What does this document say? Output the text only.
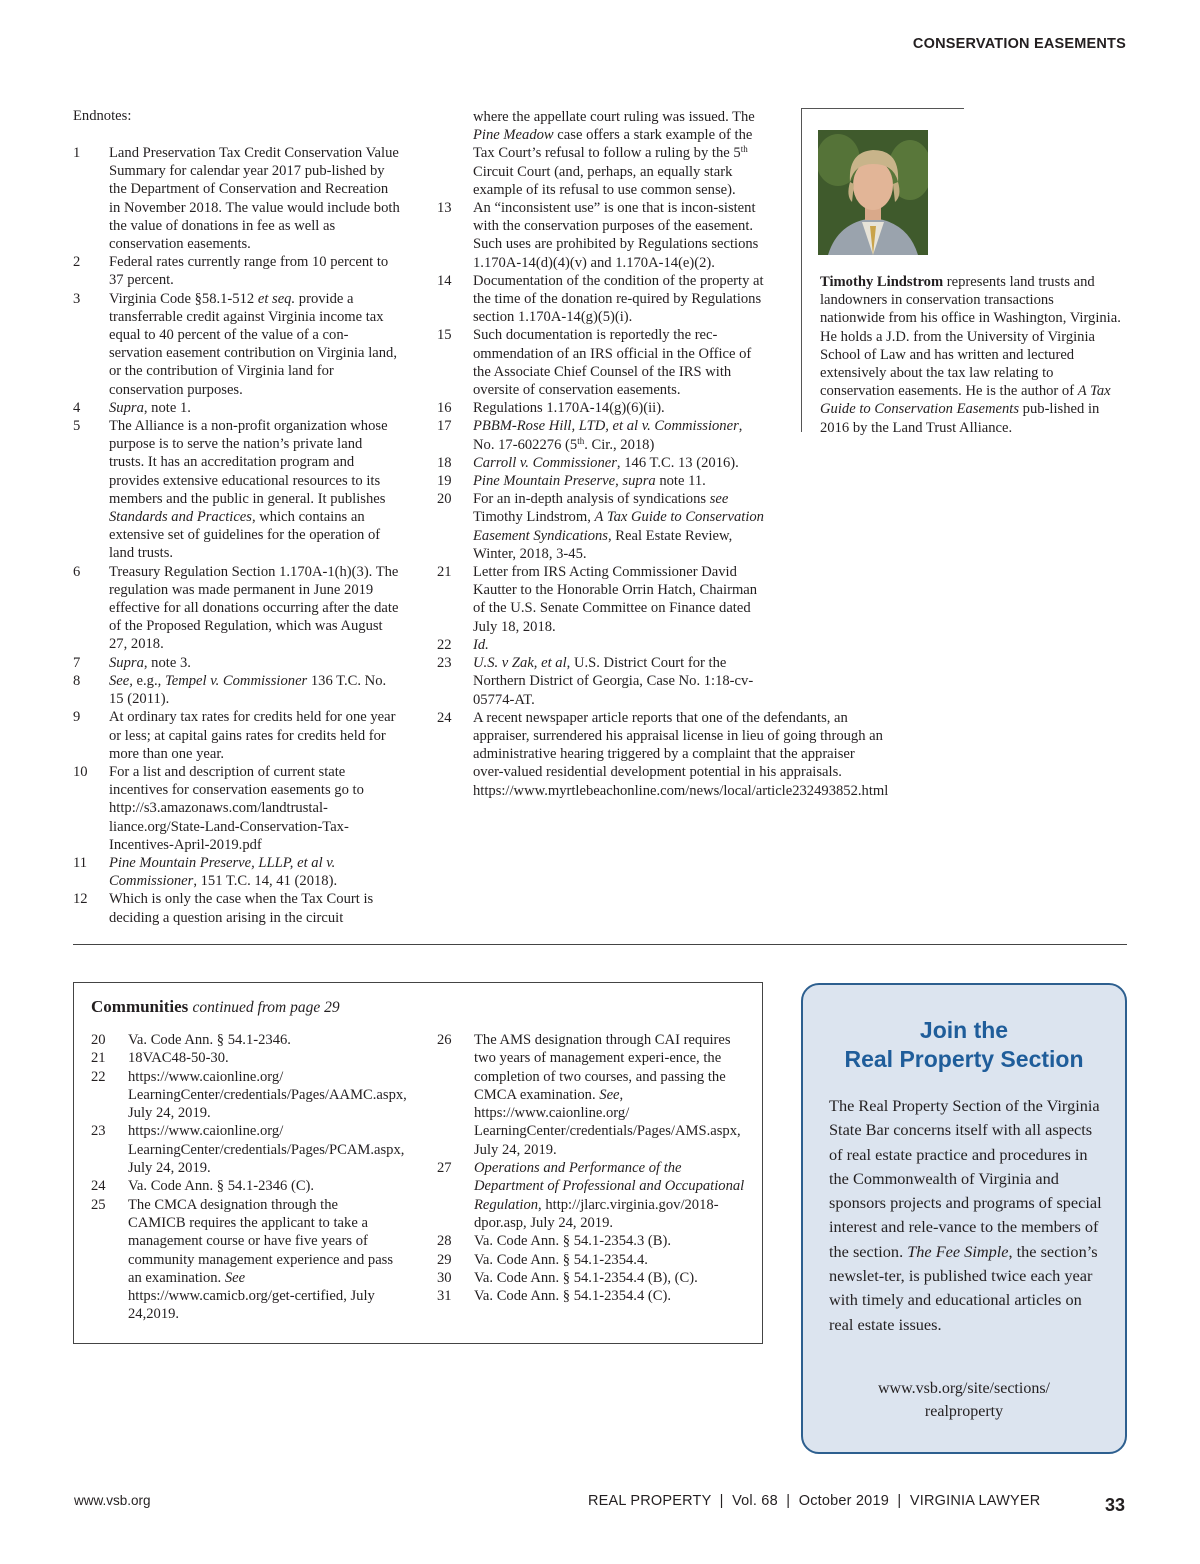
CONSERVATION EASEMENTS
Endnotes:
1	Land Preservation Tax Credit Conservation Value Summary for calendar year 2017 pub-lished by the Department of Conservation and Recreation in November 2018. The value would include both the value of donations in fee as well as conservation easements.
2	Federal rates currently range from 10 percent to 37 percent.
3	Virginia Code §58.1-512 et seq. provide a transferrable credit against Virginia income tax equal to 40 percent of the value of a con-servation easement contribution on Virginia land, or the contribution of Virginia land for conservation purposes.
4	Supra, note 1.
5	The Alliance is a non-profit organization whose purpose is to serve the nation’s private land trusts. It has an accreditation program and provides extensive educational resources to its members and the public in general. It publishes Standards and Practices, which contains an extensive set of guidelines for the operation of land trusts.
6	Treasury Regulation Section 1.170A-1(h)(3). The regulation was made permanent in June 2019 effective for all donations occurring after the date of the Proposed Regulation, which was August 27, 2018.
7	Supra, note 3.
8	See, e.g., Tempel v. Commissioner 136 T.C. No. 15 (2011).
9	At ordinary tax rates for credits held for one year or less; at capital gains rates for credits held for more than one year.
10	For a list and description of current state incentives for conservation easements go to http://s3.amazonaws.com/landtrustal-liance.org/State-Land-Conservation-Tax-Incentives-April-2019.pdf
11	Pine Mountain Preserve, LLLP, et al v. Commissioner, 151 T.C. 14, 41 (2018).
12	Which is only the case when the Tax Court is deciding a question arising in the circuit
where the appellate court ruling was issued. The Pine Meadow case offers a stark example of the Tax Court’s refusal to follow a ruling by the 5th Circuit Court (and, perhaps, an equally stark example of its refusal to use common sense).
13	An “inconsistent use” is one that is incon-sistent with the conservation purposes of the easement. Such uses are prohibited by Regulations sections 1.170A-14(d)(4)(v) and 1.170A-14(e)(2).
14	Documentation of the condition of the property at the time of the donation re-quired by Regulations section 1.170A-14(g)(5)(i).
15	Such documentation is reportedly the rec-ommendation of an IRS official in the Office of the Associate Chief Counsel of the IRS with oversite of conservation easements.
16	Regulations 1.170A-14(g)(6)(ii).
17	PBBM-Rose Hill, LTD, et al v. Commissioner, No. 17-602276 (5th. Cir., 2018)
18	Carroll v. Commissioner, 146 T.C. 13 (2016).
19	Pine Mountain Preserve, supra note 11.
20	For an in-depth analysis of syndications see Timothy Lindstrom, A Tax Guide to Conservation Easement Syndications, Real Estate Review, Winter, 2018, 3-45.
21	Letter from IRS Acting Commissioner David Kautter to the Honorable Orrin Hatch, Chairman of the U.S. Senate Committee on Finance dated July 18, 2018.
22	Id.
23	U.S. v Zak, et al, U.S. District Court for the Northern District of Georgia, Case No. 1:18-cv-05774-AT.
24	A recent newspaper article reports that one of the defendants, an appraiser, surrendered his appraisal license in lieu of going through an administrative hearing triggered by a complaint that the appraiser over-valued residential development potential in his appraisals. https://www.myrtlebeachonline.com/news/local/article232493852.html
Timothy Lindstrom represents land trusts and landowners in conservation transactions nationwide from his office in Washington, Virginia. He holds a J.D. from the University of Virginia School of Law and has written and lectured extensively about the tax law relating to conservation easements. He is the author of A Tax Guide to Conservation Easements pub-lished in 2016 by the Land Trust Alliance.
Communities continued from page 29
20	Va. Code Ann. § 54.1-2346.
21	18VAC48-50-30.
22	https://www.caionline.org/ LearningCenter/credentials/Pages/AAMC.aspx, July 24, 2019.
23	https://www.caionline.org/ LearningCenter/credentials/Pages/PCAM.aspx, July 24, 2019.
24	Va. Code Ann. § 54.1-2346 (C).
25	The CMCA designation through the CAMICB requires the applicant to take a management course or have five years of community management experience and pass an examination. See https://www.camicb.org/get-certified, July 24,2019.
26	The AMS designation through CAI requires two years of management experi-ence, the completion of two courses, and passing the CMCA examination. See, https://www.caionline.org/ LearningCenter/credentials/Pages/AMS.aspx, July 24, 2019.
27	Operations and Performance of the Department of Professional and Occupational Regulation, http://jlarc.virginia.gov/2018-dpor.asp, July 24, 2019.
28	Va. Code Ann. § 54.1-2354.3 (B).
29	Va. Code Ann. § 54.1-2354.4.
30	Va. Code Ann. § 54.1-2354.4 (B), (C).
31	Va. Code Ann. § 54.1-2354.4 (C).
Join the
Real Property Section
The Real Property Section of the Virginia State Bar concerns itself with all aspects of real estate practice and procedures in the Commonwealth of Virginia and sponsors projects and programs of special interest and rele-vance to the members of the section. The Fee Simple, the section’s newslet-ter, is published twice each year with timely and educational articles on real estate issues.
www.vsb.org/site/sections/
realproperty
www.vsb.org	REAL PROPERTY  |  Vol. 68  |  October 2019  |  VIRGINIA LAWYER	33
